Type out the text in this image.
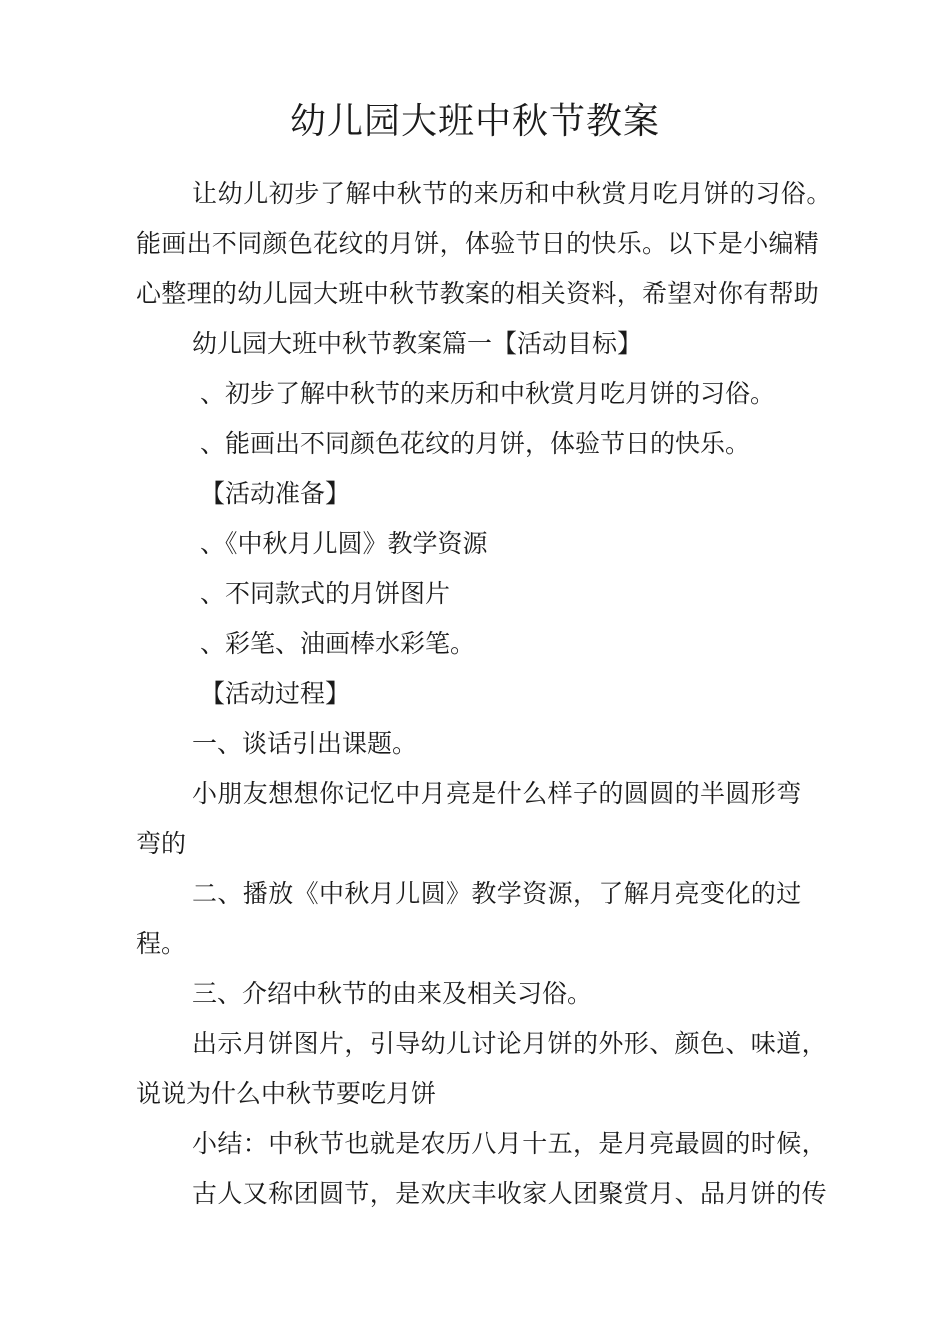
幼儿园大班中秋节教案
让幼儿初步了解中秋节的来历和中秋赏月吃月饼的习俗。
能画出不同颜色花纹的月饼，体验节日的快乐。以下是小编精
心整理的幼儿园大班中秋节教案的相关资料，希望对你有帮助
幼儿园大班中秋节教案篇一【活动目标】
、初步了解中秋节的来历和中秋赏月吃月饼的习俗。
、能画出不同颜色花纹的月饼，体验节日的快乐。
【活动准备】
、《中秋月儿圆》教学资源
、不同款式的月饼图片
、彩笔、油画棒水彩笔。
【活动过程】
一、谈话引出课题。
小朋友想想你记忆中月亮是什么样子的圆圆的半圆形弯
弯的
二、播放《中秋月儿圆》教学资源，了解月亮变化的过
程。
三、介绍中秋节的由来及相关习俗。
出示月饼图片，引导幼儿讨论月饼的外形、颜色、味道，
说说为什么中秋节要吃月饼
小结：中秋节也就是农历八月十五，是月亮最圆的时候，
古人又称团圆节，是欢庆丰收家人团聚赏月、品月饼的传
